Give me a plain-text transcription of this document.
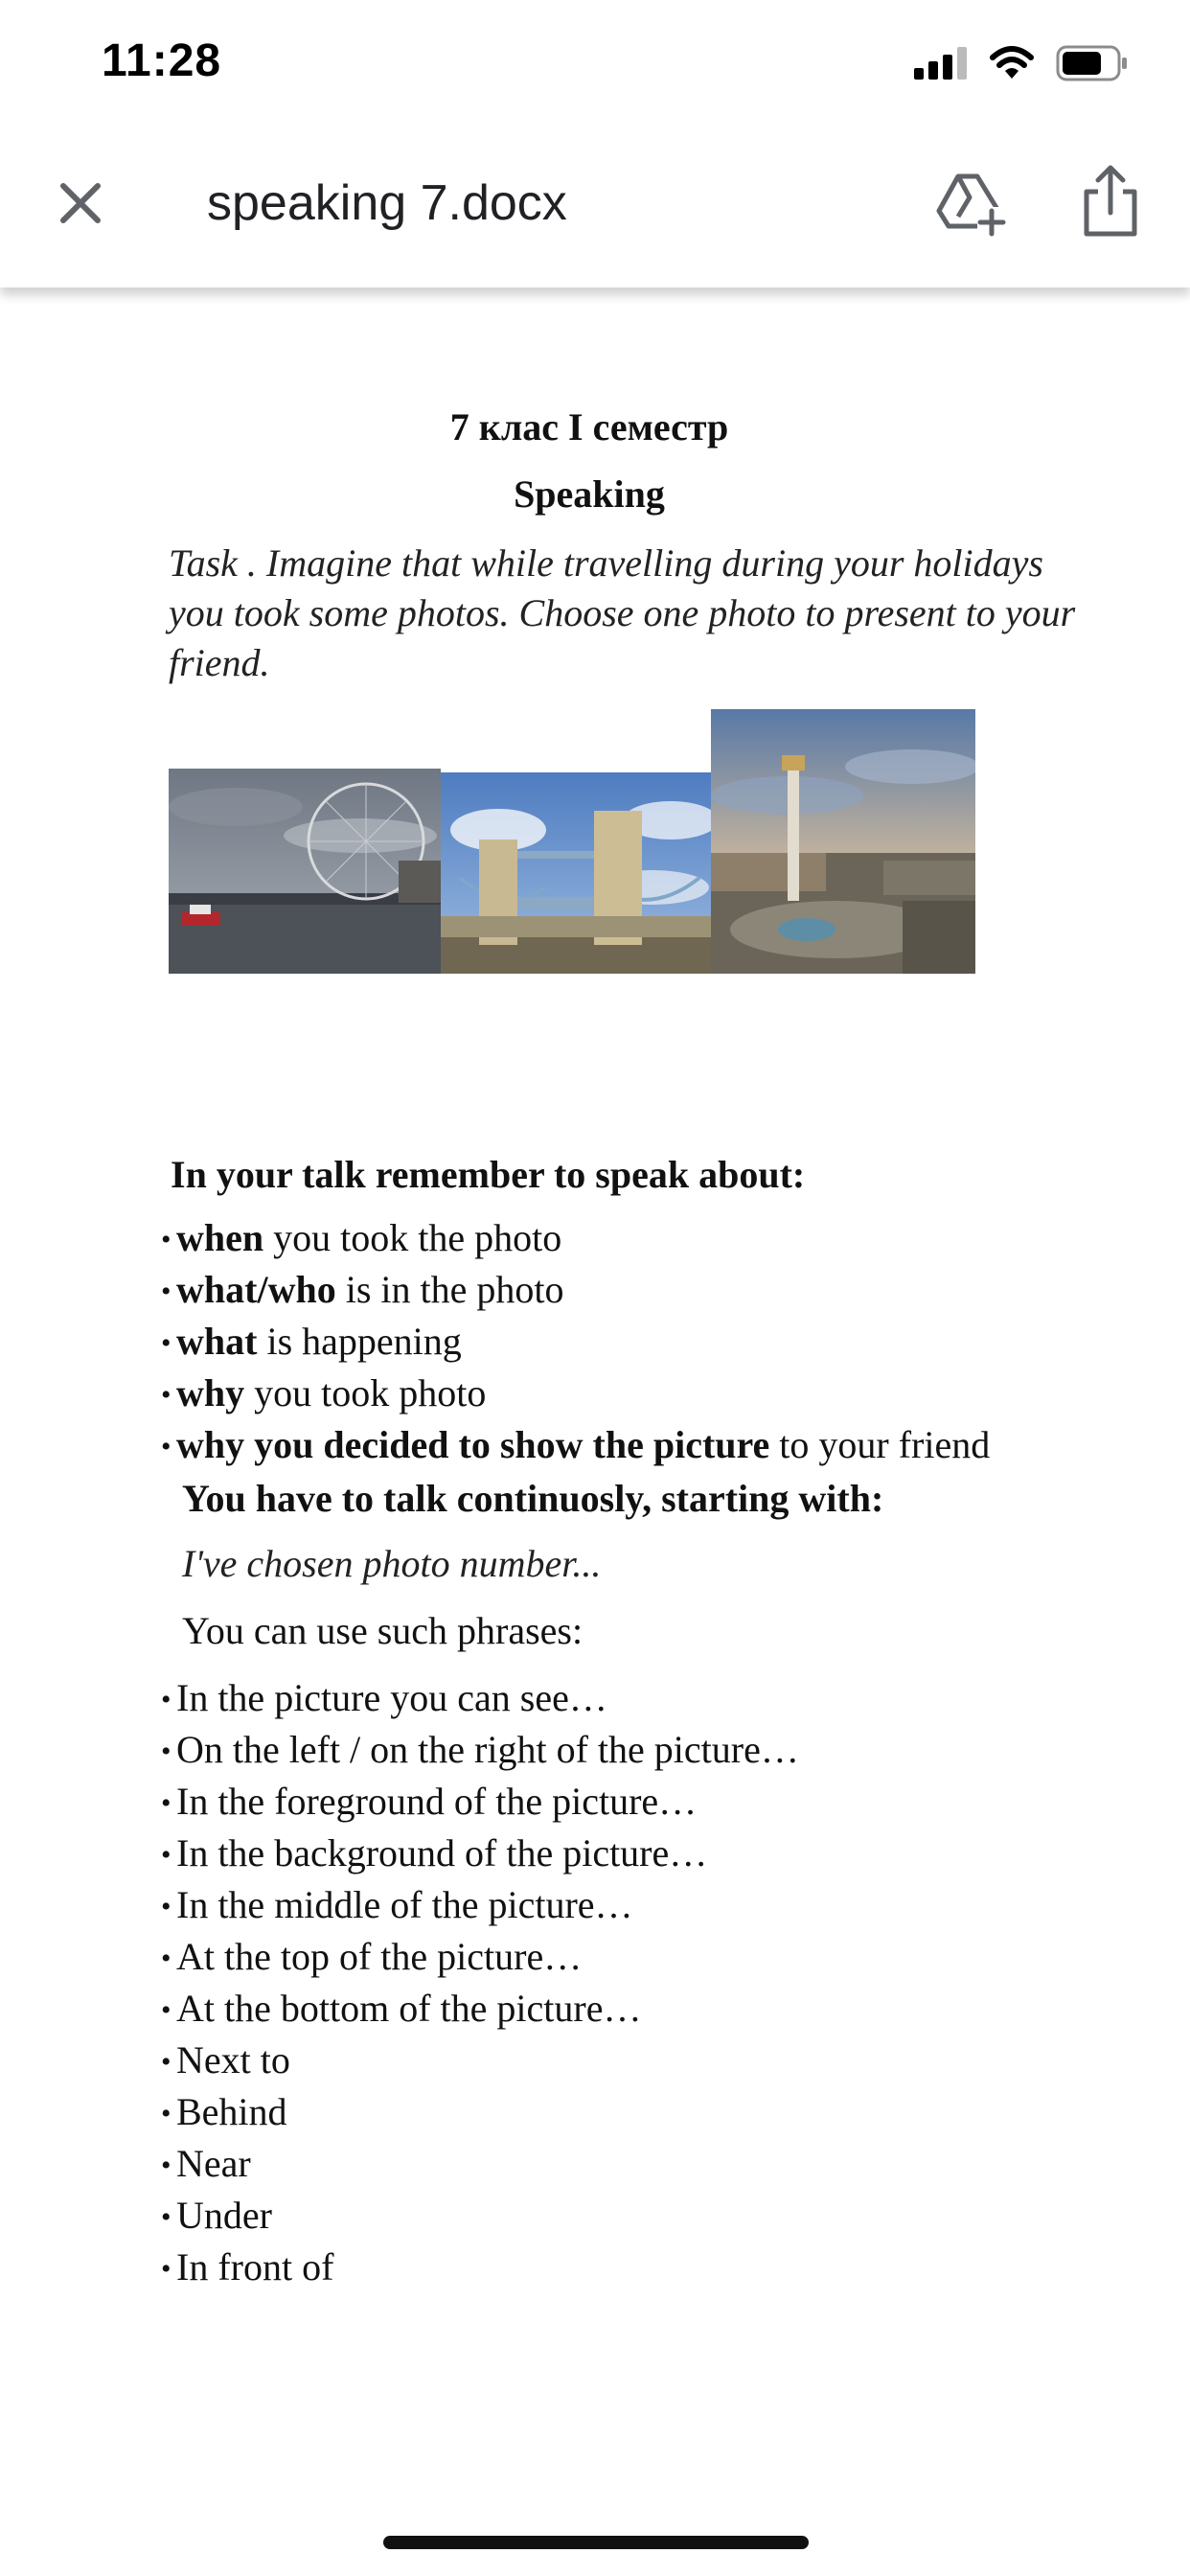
11:28
speaking 7.docx
7 клас I семестр
Speaking
Task . Imagine that while travelling during your holidays you took some photos. Choose one photo to present to your friend.
In your talk remember to speak about:
• when you took the photo
• what/who is in the photo
• what is happening
• why you took photo
• why you decided to show the picture to your friend
You have to talk continuosly, starting with:
I've chosen photo number...
You can use such phrases:
• In the picture you can see…
• On the left / on the right of the picture…
• In the foreground of the picture…
• In the background of the picture…
• In the middle of the picture…
• At the top of the picture…
• At the bottom of the picture…
• Next to
• Behind
• Near
• Under
• In front of
